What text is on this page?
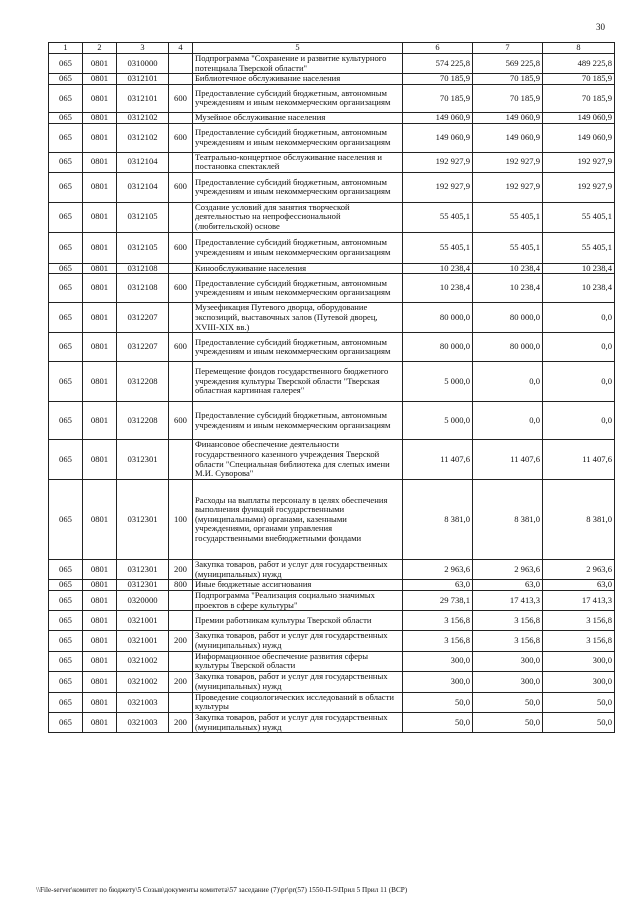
30
1	2	3	4	5	6	7	8
065	0801	0310000		Подпрограмма "Сохранение и развитие культурного потенциала Тверской области"	574 225,8	569 225,8	489 225,8
065	0801	0312101		Библиотечное обслуживание населения	70 185,9	70 185,9	70 185,9
065	0801	0312101	600	Предоставление субсидий бюджетным, автономным учреждениям и иным некоммерческим организациям	70 185,9	70 185,9	70 185,9
065	0801	0312102		Музейное обслуживание населения	149 060,9	149 060,9	149 060,9
065	0801	0312102	600	Предоставление субсидий бюджетным, автономным учреждениям и иным некоммерческим организациям	149 060,9	149 060,9	149 060,9
065	0801	0312104		Театрально-концертное обслуживание населения и постановка спектаклей	192 927,9	192 927,9	192 927,9
065	0801	0312104	600	Предоставление субсидий бюджетным, автономным учреждениям и иным некоммерческим организациям	192 927,9	192 927,9	192 927,9
065	0801	0312105		Создание условий для занятия творческой деятельностью на непрофессиональной (любительской) основе	55 405,1	55 405,1	55 405,1
065	0801	0312105	600	Предоставление субсидий бюджетным, автономным учреждениям и иным некоммерческим организациям	55 405,1	55 405,1	55 405,1
065	0801	0312108		Кинообслуживание населения	10 238,4	10 238,4	10 238,4
065	0801	0312108	600	Предоставление субсидий бюджетным, автономным учреждениям и иным некоммерческим организациям	10 238,4	10 238,4	10 238,4
065	0801	0312207		Музеефикация Путевого дворца, оборудование экспозиций, выставочных залов (Путевой дворец, XVIII-XIX вв.)	80 000,0	80 000,0	0,0
065	0801	0312207	600	Предоставление субсидий бюджетным, автономным учреждениям и иным некоммерческим организациям	80 000,0	80 000,0	0,0
065	0801	0312208		Перемещение фондов государственного бюджетного учреждения культуры Тверской области "Тверская областная картинная галерея"	5 000,0	0,0	0,0
065	0801	0312208	600	Предоставление субсидий бюджетным, автономным учреждениям и иным некоммерческим организациям	5 000,0	0,0	0,0
065	0801	0312301		Финансовое обеспечение деятельности государственного казенного учреждения Тверской области "Специальная библиотека для слепых имени М.И. Суворова"	11 407,6	11 407,6	11 407,6
065	0801	0312301	100	Расходы на выплаты персоналу в целях обеспечения выполнения функций государственными (муниципальными) органами, казенными учреждениями, органами управления государственными внебюджетными фондами	8 381,0	8 381,0	8 381,0
065	0801	0312301	200	Закупка товаров, работ и услуг для государственных (муниципальных) нужд	2 963,6	2 963,6	2 963,6
065	0801	0312301	800	Иные бюджетные ассигнования	63,0	63,0	63,0
065	0801	0320000		Подпрограмма "Реализация социально значимых проектов в сфере культуры"	29 738,1	17 413,3	17 413,3
065	0801	0321001		Премии работникам культуры Тверской области	3 156,8	3 156,8	3 156,8
065	0801	0321001	200	Закупка товаров, работ и услуг для государственных (муниципальных) нужд	3 156,8	3 156,8	3 156,8
065	0801	0321002		Информационное обеспечение развития сферы культуры Тверской области	300,0	300,0	300,0
065	0801	0321002	200	Закупка товаров, работ и услуг для государственных (муниципальных) нужд	300,0	300,0	300,0
065	0801	0321003		Проведение социологических исследований в области культуры	50,0	50,0	50,0
065	0801	0321003	200	Закупка товаров, работ и услуг для государственных (муниципальных) нужд	50,0	50,0	50,0
\\File-server\комитет по бюджету\5 Созыв\документы комитета\57 заседание (7)\pr\pr(57) 1550-П-5\Прил 5 Прил 11 (ВСР)
